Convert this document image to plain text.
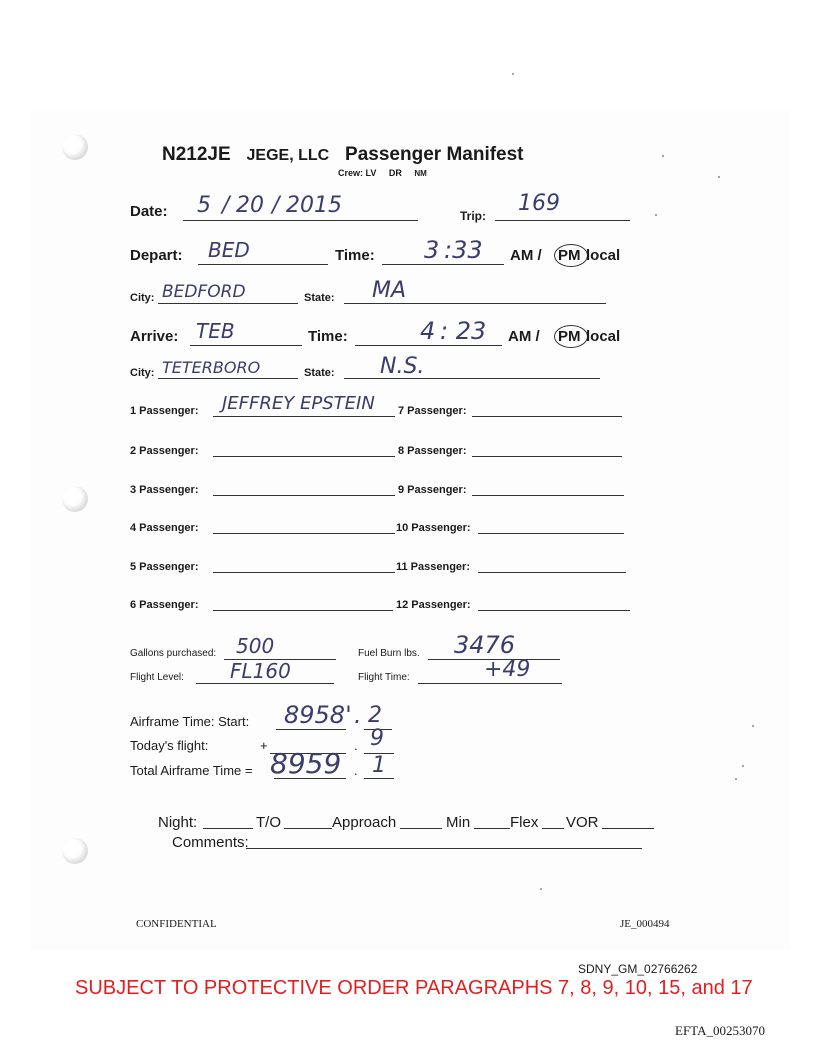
N212JE JEGE, LLC Passenger Manifest
Crew: LV DR NM
Date: 5 / 20 / 2015	Trip: 169
Depart: BED	Time: 3 :33 AM / PM local
City: BEDFORD	State: MA
Arrive: TEB	Time:	4 : 23 AM / PM local
City: TETERBORO	State: N.S.
1 Passenger: JEFFREY EPSTEIN 7 Passenger:
2 Passenger:	8 Passenger:
3 Passenger:	9 Passenger:
4 Passenger:	10 Passenger:
5 Passenger:	11 Passenger:
6 Passenger:	12 Passenger:
Gallons purchased: 500	Fuel Burn lbs. 3476
Flight Level: FL160	Flight Time:	+49
Airframe Time: Start: 8958' . 2
Today's flight:	+	. 9
Total Airframe Time = 8959 . 1
Night:	T/O	Approach	Min	Flex VOR
Comments:
CONFIDENTIAL	JE_000494
SDNY_GM_02766262
SUBJECT TO PROTECTIVE ORDER PARAGRAPHS 7, 8, 9, 10, 15, and 17
EFTA_00253070
